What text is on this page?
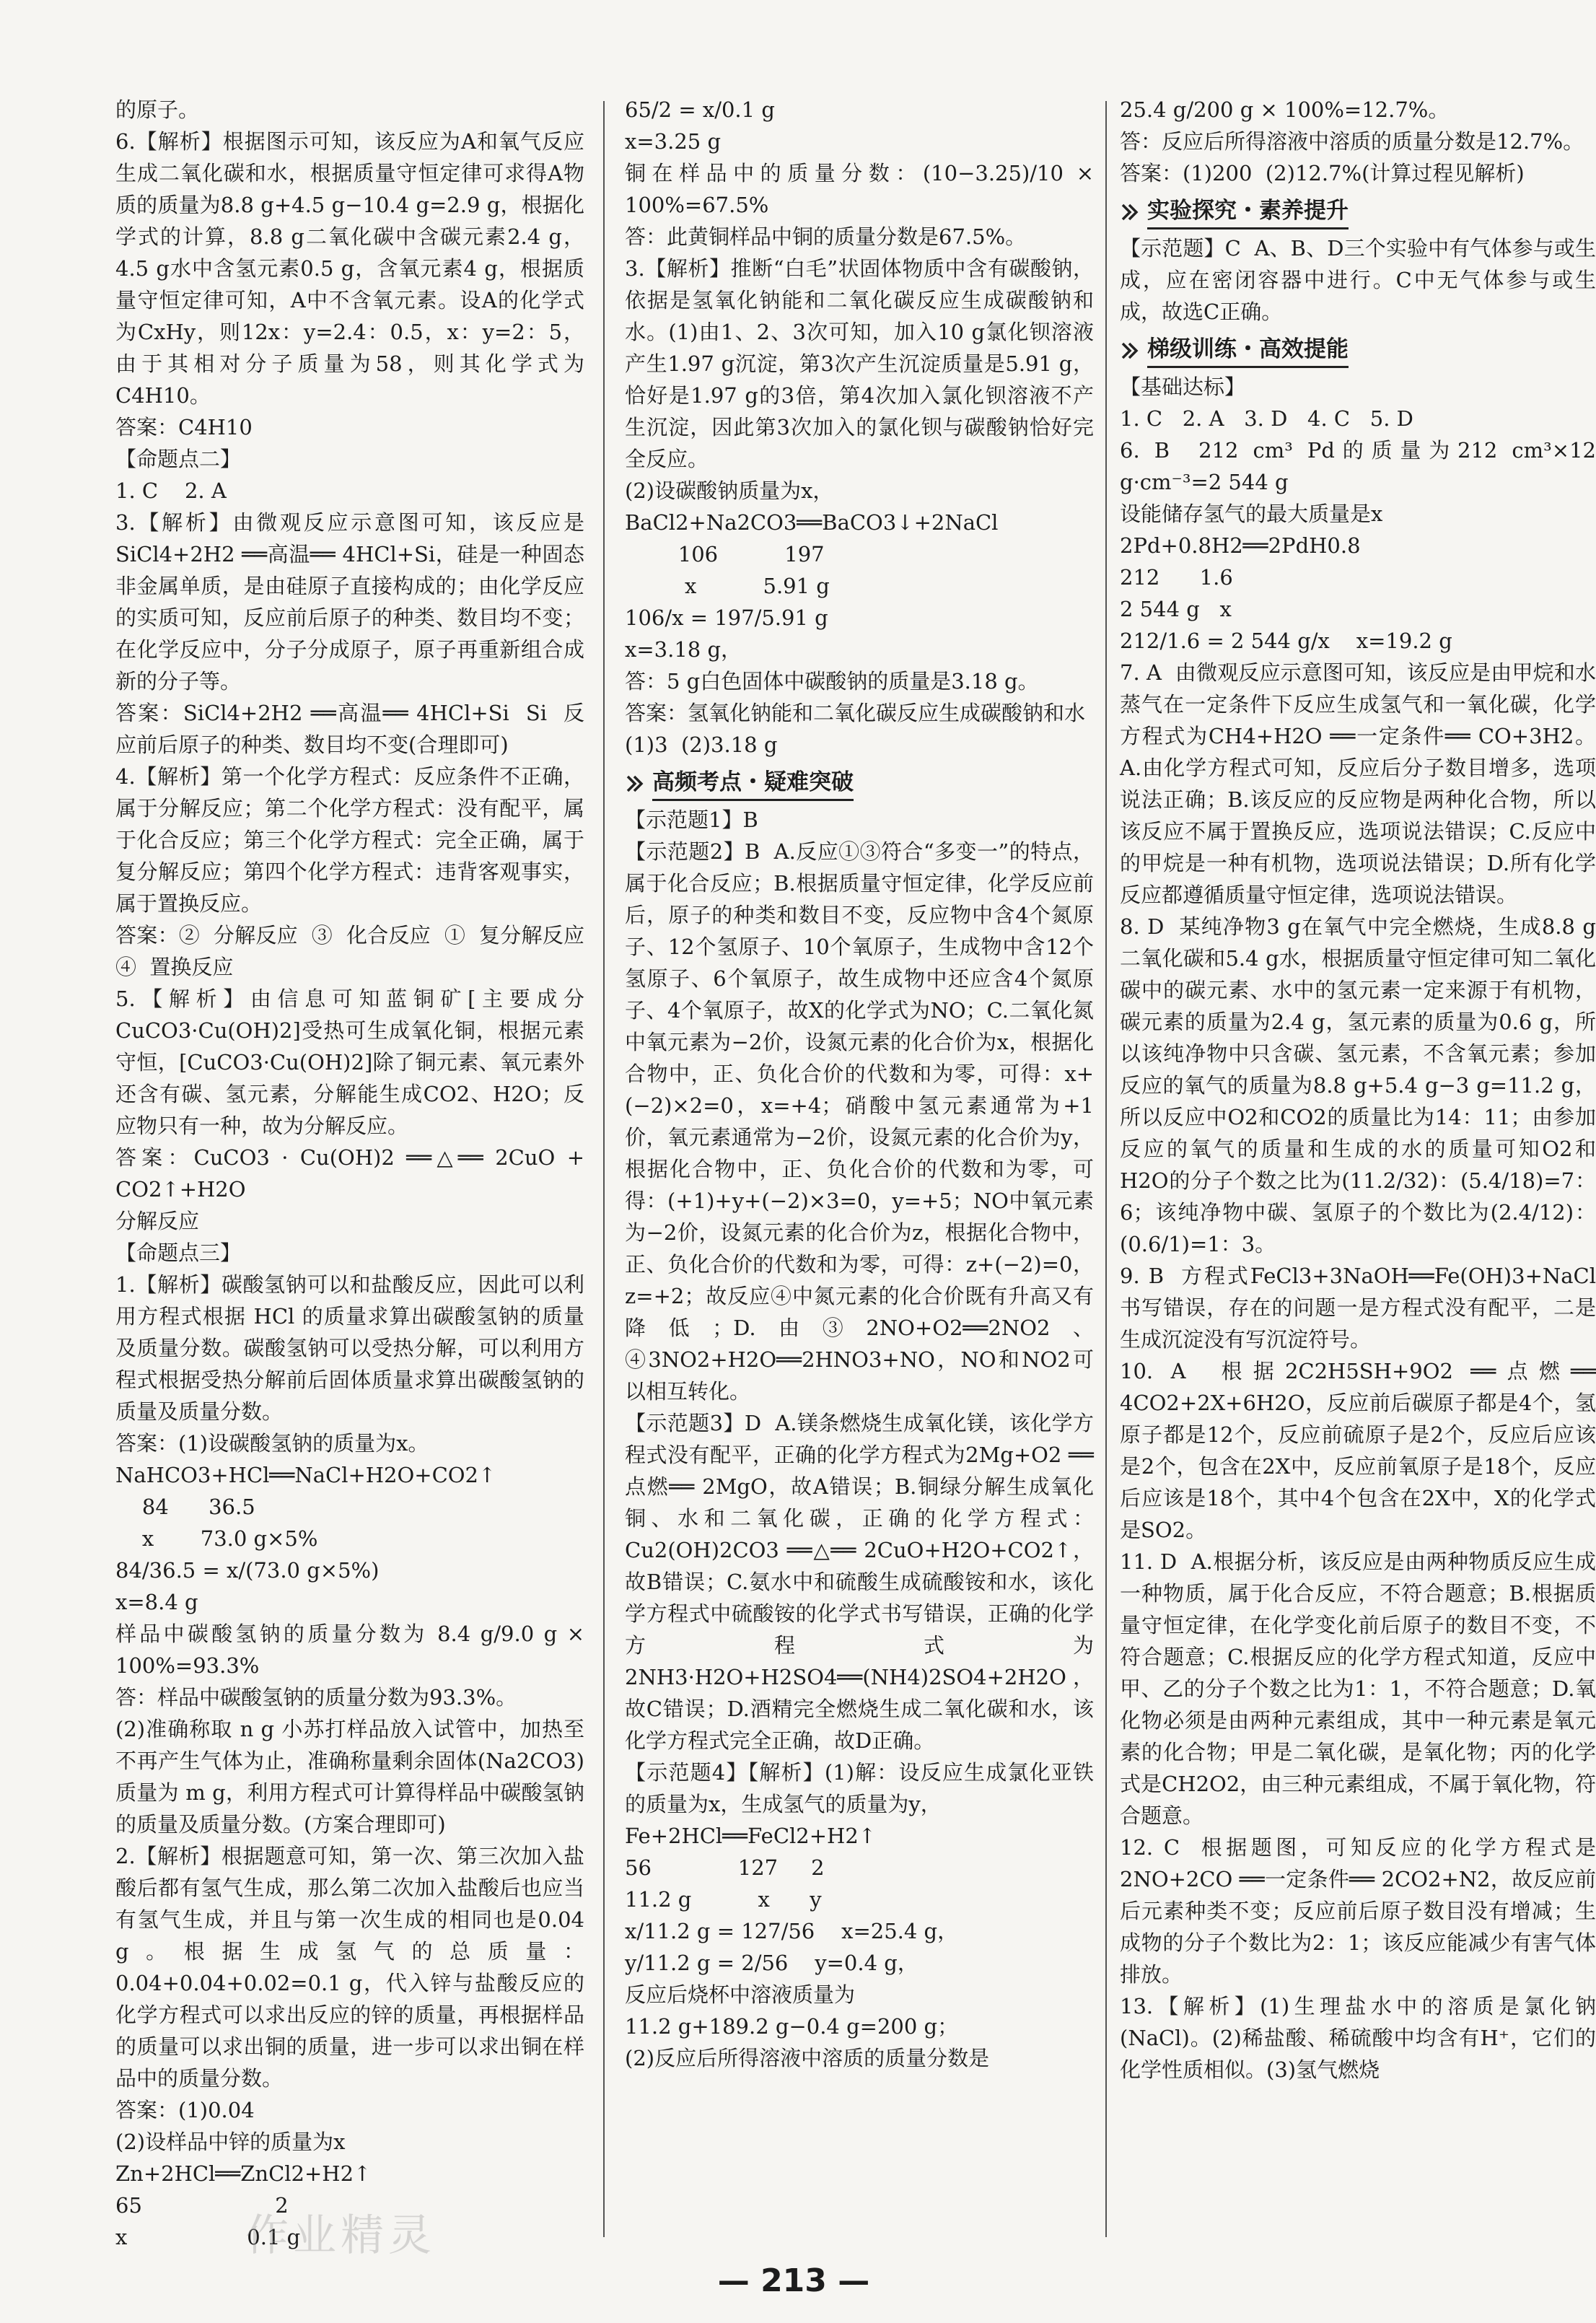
的原子。

6.【解析】根据图示可知，该反应为A和氧气反应生成二氧化碳和水，根据质量守恒定律可求得A物质的质量为8.8 g+4.5 g−10.4 g=2.9 g，根据化学式的计算，8.8 g二氧化碳中含碳元素2.4 g，4.5 g水中含氢元素0.5 g，含氧元素4 g，根据质量守恒定律可知，A中不含氧元素。设A的化学式为CxHy，则12x：y=2.4：0.5，x：y=2：5，由于其相对分子质量为58，则其化学式为C4H10。

答案：C4H10

【命题点二】

1. C    2. A

3.【解析】由微观反应示意图可知，该反应是SiCl4+2H2 ══高温══ 4HCl+Si，硅是一种固态非金属单质，是由硅原子直接构成的；由化学反应的实质可知，反应前后原子的种类、数目均不变；在化学反应中，分子分成原子，原子再重新组合成新的分子等。

答案：SiCl4+2H2 ══高温══ 4HCl+Si  Si  反应前后原子的种类、数目均不变(合理即可)

4.【解析】第一个化学方程式：反应条件不正确，属于分解反应；第二个化学方程式：没有配平，属于化合反应；第三个化学方程式：完全正确，属于复分解反应；第四个化学方程式：违背客观事实，属于置换反应。

答案：②  分解反应  ③  化合反应  ①  复分解反应  ④  置换反应

5.【解析】由信息可知蓝铜矿[主要成分CuCO3·Cu(OH)2]受热可生成氧化铜，根据元素守恒，[CuCO3·Cu(OH)2]除了铜元素、氧元素外还含有碳、氢元素，分解能生成CO2、H2O；反应物只有一种，故为分解反应。

答案：CuCO3 · Cu(OH)2 ══△══ 2CuO + CO2↑+H2O

分解反应

【命题点三】

1.【解析】碳酸氢钠可以和盐酸反应，因此可以利用方程式根据 HCl 的质量求算出碳酸氢钠的质量及质量分数。碳酸氢钠可以受热分解，可以利用方程式根据受热分解前后固体质量求算出碳酸氢钠的质量及质量分数。

答案：(1)设碳酸氢钠的质量为x。

NaHCO3+HCl══NaCl+H2O+CO2↑

84      36.5

x       73.0 g×5%

84/36.5 = x/(73.0 g×5%)

x=8.4 g

样品中碳酸氢钠的质量分数为 8.4 g/9.0 g × 100%=93.3%

答：样品中碳酸氢钠的质量分数为93.3%。

(2)准确称取 n g 小苏打样品放入试管中，加热至不再产生气体为止，准确称量剩余固体(Na2CO3)质量为 m g，利用方程式可计算得样品中碳酸氢钠的质量及质量分数。(方案合理即可)

2.【解析】根据题意可知，第一次、第三次加入盐酸后都有氢气生成，那么第二次加入盐酸后也应当有氢气生成，并且与第一次生成的相同也是0.04 g。根据生成氢气的总质量：0.04+0.04+0.02=0.1 g，代入锌与盐酸反应的化学方程式可以求出反应的锌的质量，再根据样品的质量可以求出铜的质量，进一步可以求出铜在样品中的质量分数。

答案：(1)0.04

(2)设样品中锌的质量为x

Zn+2HCl══ZnCl2+H2↑

65                    2

x                  0.1 g

65/2 = x/0.1 g

x=3.25 g

铜在样品中的质量分数：(10−3.25)/10 × 100%=67.5%

答：此黄铜样品中铜的质量分数是67.5%。

3.【解析】推断“白毛”状固体物质中含有碳酸钠，依据是氢氧化钠能和二氧化碳反应生成碳酸钠和水。(1)由1、2、3次可知，加入10 g氯化钡溶液产生1.97 g沉淀，第3次产生沉淀质量是5.91 g，恰好是1.97 g的3倍，第4次加入氯化钡溶液不产生沉淀，因此第3次加入的氯化钡与碳酸钠恰好完全反应。

(2)设碳酸钠质量为x，

BaCl2+Na2CO3══BaCO3↓+2NaCl

106          197

x          5.91 g

106/x = 197/5.91 g

x=3.18 g，

答：5 g白色固体中碳酸钠的质量是3.18 g。

答案：氢氧化钠能和二氧化碳反应生成碳酸钠和水

(1)3  (2)3.18 g

高频考点・疑难突破

【示范题1】B

【示范题2】B  A.反应①③符合“多变一”的特点，属于化合反应；B.根据质量守恒定律，化学反应前后，原子的种类和数目不变，反应物中含4个氮原子、12个氢原子、10个氧原子，生成物中含12个氢原子、6个氧原子，故生成物中还应含4个氮原子、4个氧原子，故X的化学式为NO；C.二氧化氮中氧元素为−2价，设氮元素的化合价为x，根据化合物中，正、负化合价的代数和为零，可得：x+(−2)×2=0，x=+4；硝酸中氢元素通常为+1价，氧元素通常为−2价，设氮元素的化合价为y，根据化合物中，正、负化合价的代数和为零，可得：(+1)+y+(−2)×3=0，y=+5；NO中氧元素为−2价，设氮元素的化合价为z，根据化合物中，正、负化合价的代数和为零，可得：z+(−2)=0，z=+2；故反应④中氮元素的化合价既有升高又有降低；D.由③2NO+O2══2NO2、④3NO2+H2O══2HNO3+NO，NO和NO2可以相互转化。

【示范题3】D  A.镁条燃烧生成氧化镁，该化学方程式没有配平，正确的化学方程式为2Mg+O2 ══点燃══ 2MgO，故A错误；B.铜绿分解生成氧化铜、水和二氧化碳，正确的化学方程式：Cu2(OH)2CO3 ══△══ 2CuO+H2O+CO2↑，故B错误；C.氨水中和硫酸生成硫酸铵和水，该化学方程式中硫酸铵的化学式书写错误，正确的化学方程式为2NH3·H2O+H2SO4══(NH4)2SO4+2H2O，故C错误；D.酒精完全燃烧生成二氧化碳和水，该化学方程式完全正确，故D正确。

【示范题4】【解析】(1)解：设反应生成氯化亚铁的质量为x，生成氢气的质量为y，

Fe+2HCl══FeCl2+H2↑

56             127     2

11.2 g          x      y

x/11.2 g = 127/56    x=25.4 g，

y/11.2 g = 2/56    y=0.4 g，

反应后烧杯中溶液质量为

11.2 g+189.2 g−0.4 g=200 g；

(2)反应后所得溶液中溶质的质量分数是

25.4 g/200 g × 100%=12.7%。

答：反应后所得溶液中溶质的质量分数是12.7%。

答案：(1)200  (2)12.7%(计算过程见解析)

实验探究・素养提升

【示范题】C  A、B、D三个实验中有气体参与或生成，应在密闭容器中进行。C中无气体参与或生成，故选C正确。

梯级训练・高效提能

【基础达标】

1. C   2. A   3. D   4. C   5. D

6. B  212 cm³ Pd的质量为212 cm³×12 g·cm⁻³=2 544 g

设能储存氢气的最大质量是x

2Pd+0.8H2══2PdH0.8

212      1.6

2 544 g   x

212/1.6 = 2 544 g/x    x=19.2 g

7. A  由微观反应示意图可知，该反应是由甲烷和水蒸气在一定条件下反应生成氢气和一氧化碳，化学方程式为CH4+H2O ══一定条件══ CO+3H2。A.由化学方程式可知，反应后分子数目增多，选项说法正确；B.该反应的反应物是两种化合物，所以该反应不属于置换反应，选项说法错误；C.反应中的甲烷是一种有机物，选项说法错误；D.所有化学反应都遵循质量守恒定律，选项说法错误。

8. D  某纯净物3 g在氧气中完全燃烧，生成8.8 g二氧化碳和5.4 g水，根据质量守恒定律可知二氧化碳中的碳元素、水中的氢元素一定来源于有机物，碳元素的质量为2.4 g，氢元素的质量为0.6 g，所以该纯净物中只含碳、氢元素，不含氧元素；参加反应的氧气的质量为8.8 g+5.4 g−3 g=11.2 g，所以反应中O2和CO2的质量比为14：11；由参加反应的氧气的质量和生成的水的质量可知O2和H2O的分子个数之比为(11.2/32)：(5.4/18)=7：6；该纯净物中碳、氢原子的个数比为(2.4/12)：(0.6/1)=1：3。

9. B  方程式FeCl3+3NaOH══Fe(OH)3+NaCl书写错误，存在的问题一是方程式没有配平，二是生成沉淀没有写沉淀符号。

10. A  根据2C2H5SH+9O2 ══点燃══ 4CO2+2X+6H2O，反应前后碳原子都是4个，氢原子都是12个，反应前硫原子是2个，反应后应该是2个，包含在2X中，反应前氧原子是18个，反应后应该是18个，其中4个包含在2X中，X的化学式是SO2。

11. D  A.根据分析，该反应是由两种物质反应生成一种物质，属于化合反应，不符合题意；B.根据质量守恒定律，在化学变化前后原子的数目不变，不符合题意；C.根据反应的化学方程式知道，反应中甲、乙的分子个数之比为1：1，不符合题意；D.氧化物必须是由两种元素组成，其中一种元素是氧元素的化合物；甲是二氧化碳，是氧化物；丙的化学式是CH2O2，由三种元素组成，不属于氧化物，符合题意。

12. C  根据题图，可知反应的化学方程式是2NO+2CO ══一定条件══ 2CO2+N2，故反应前后元素种类不变；反应前后原子数目没有增减；生成物的分子个数比为2：1；该反应能减少有害气体排放。

13.【解析】(1)生理盐水中的溶质是氯化钠(NaCl)。(2)稀盐酸、稀硫酸中均含有H⁺，它们的化学性质相似。(3)氢气燃烧

作业精灵
— 213 —
